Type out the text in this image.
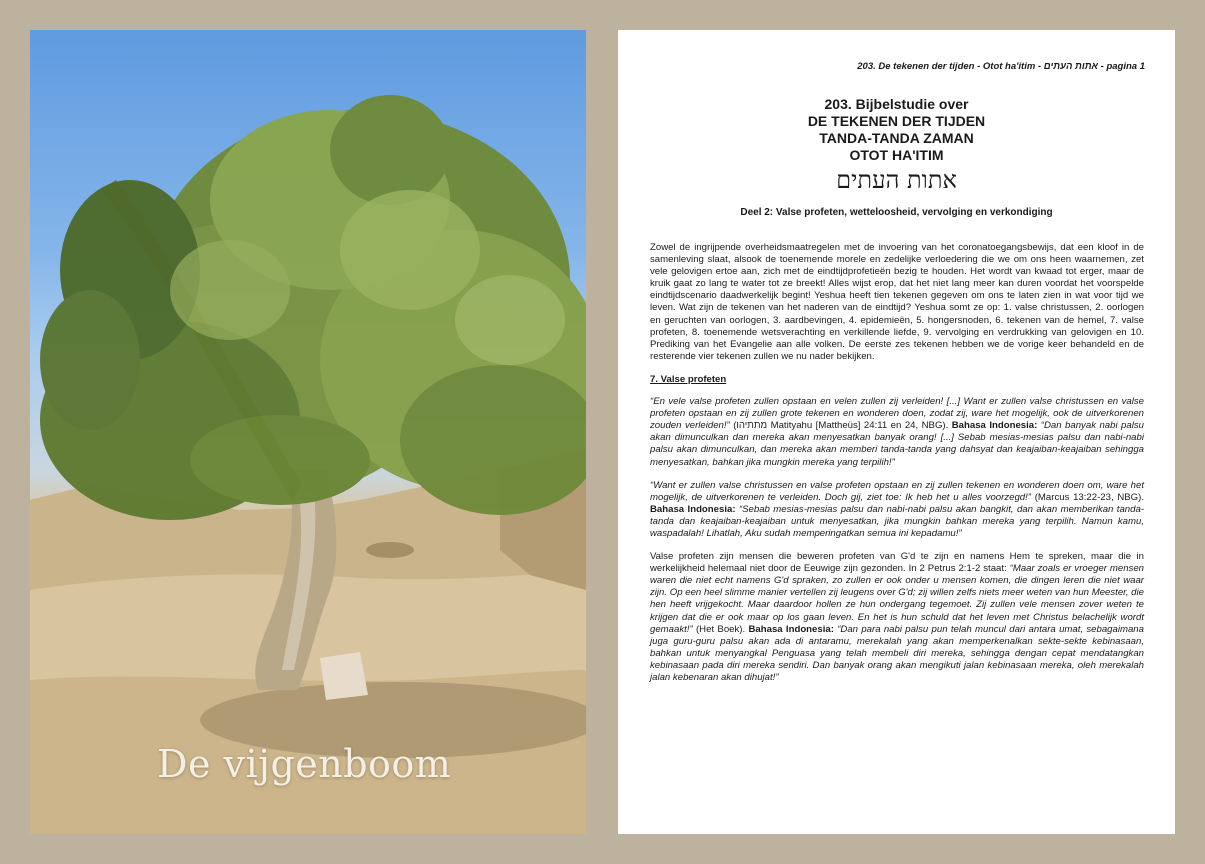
De vijgenboom
203. De tekenen der tijden - Otot ha'itim - אתות העתים - pagina 1
203. Bijbelstudie over
DE TEKENEN DER TIJDEN
TANDA-TANDA ZAMAN
OTOT HA'ITIM
אתות העתים
Deel 2: Valse profeten, wetteloosheid, vervolging en verkondiging

Zowel de ingrijpende overheidsmaatregelen met de invoering van het coronatoegangsbewijs, dat een kloof in de samenleving slaat, alsook de toenemende morele en zedelijke verloedering die we om ons heen waarnemen, zet vele gelovigen ertoe aan, zich met de eindtijdprofetieën bezig te houden. Het wordt van kwaad tot erger, maar de kruik gaat zo lang te water tot ze breekt! Alles wijst erop, dat het niet lang meer kan duren voordat het voorspelde eindtijdscenario daadwerkelijk begint! Yeshua heeft tien tekenen gegeven om ons te laten zien in wat voor tijd we leven. Wat zijn de tekenen van het naderen van de eindtijd? Yeshua somt ze op: 1. valse christussen, 2. oorlogen en geruchten van oorlogen, 3. aardbevingen, 4. epidemieën, 5. hongersnoden, 6. tekenen van de hemel, 7. valse profeten, 8. toenemende wetsverachting en verkillende liefde, 9. vervolging en verdrukking van gelovigen en 10. Prediking van het Evangelie aan alle volken. De eerste zes tekenen hebben we de vorige keer behandeld en de resterende vier tekenen zullen we nu nader bekijken.

7. Valse profeten

“En vele valse profeten zullen opstaan en velen zullen zij verleiden! [...] Want er zullen valse christussen en valse profeten opstaan en zij zullen grote tekenen en wonderen doen, zodat zij, ware het mogelijk, ook de uitverkorenen zouden verleiden!” (מתתיהו Matityahu [Mattheüs] 24:11 en 24, NBG). Bahasa Indonesia: “Dan banyak nabi palsu akan dimunculkan dan mereka akan menyesatkan banyak orang! [...] Sebab mesias-mesias palsu dan nabi-nabi palsu akan dimunculkan, dan mereka akan memberi tanda-tanda yang dahsyat dan keajaiban-keajaiban sehingga menyesatkan, bahkan jika mungkin mereka yang terpilih!”

“Want er zullen valse christussen en valse profeten opstaan en zij zullen tekenen en wonderen doen om, ware het mogelijk, de uitverkorenen te verleiden. Doch gij, ziet toe: Ik heb het u alles voorzegd!” (Marcus 13:22-23, NBG). Bahasa Indonesia: “Sebab mesias-mesias palsu dan nabi-nabi palsu akan bangkit, dan akan memberikan tanda-tanda dan keajaiban-keajaiban untuk menyesatkan, jika mungkin bahkan mereka yang terpilih. Namun kamu, waspadalah! Lihatlah, Aku sudah memperingatkan semua ini kepadamu!”

Valse profeten zijn mensen die beweren profeten van G'd te zijn en namens Hem te spreken, maar die in werkelijkheid helemaal niet door de Eeuwige zijn gezonden. In 2 Petrus 2:1-2 staat: “Maar zoals er vroeger mensen waren die niet echt namens G'd spraken, zo zullen er ook onder u mensen komen, die dingen leren die niet waar zijn. Op een heel slimme manier vertellen zij leugens over G'd; zij willen zelfs niets meer weten van hun Meester, die hen heeft vrijgekocht. Maar daardoor hollen ze hun ondergang tegemoet. Zij zullen vele mensen zover weten te krijgen dat die er ook maar op los gaan leven. En het is hun schuld dat het leven met Christus belachelijk wordt gemaakt!” (Het Boek). Bahasa Indonesia: “Dan para nabi palsu pun telah muncul dari antara umat, sebagaimana juga guru-guru palsu akan ada di antaramu, merekalah yang akan memperkenalkan sekte-sekte kebinasaan, bahkan untuk menyangkal Penguasa yang telah membeli diri mereka, sehingga dengan cepat mendatangkan kebinasaan pada diri mereka sendiri. Dan banyak orang akan mengikuti jalan kebinasaan mereka, oleh merekalah jalan kebenaran akan dihujat!”
